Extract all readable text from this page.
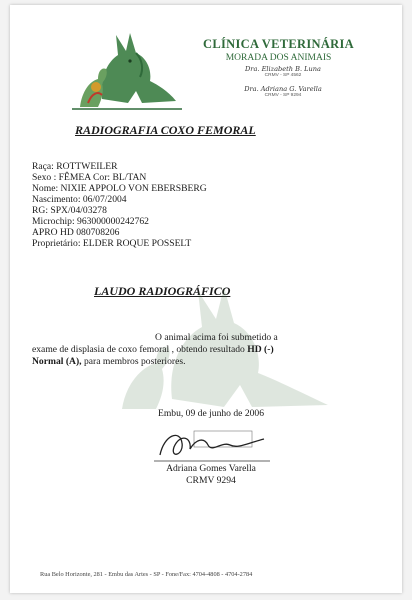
CLÍNICA VETERINÁRIA
MORADA DOS ANIMAIS
Dra. Elizabeth B. Luna
CRMV - SP 4562
Dra. Adriana G. Varella
CRMV - SP 9294
RADIOGRAFIA COXO FEMORAL
Raça: ROTTWEILER
Sexo : FÊMEA Cor: BL/TAN
Nome: NIXIE APPOLO VON EBERSBERG
Nascimento: 06/07/2004
RG: SPX/04/03278
Microchip: 963000000242762
APRO HD 080708206
Proprietário: ELDER ROQUE POSSELT
LAUDO RADIOGRÁFICO
O animal acima foi submetido a
exame de displasia de coxo femoral , obtendo resultado HD (-)
Normal (A), para membros posteriores.
Embu, 09 de junho de 2006
Adriana Gomes Varella
CRMV 9294
Rua Belo Horizonte, 281 - Embu das Artes - SP - Fone/Fax: 4704-4808 - 4704-2784
